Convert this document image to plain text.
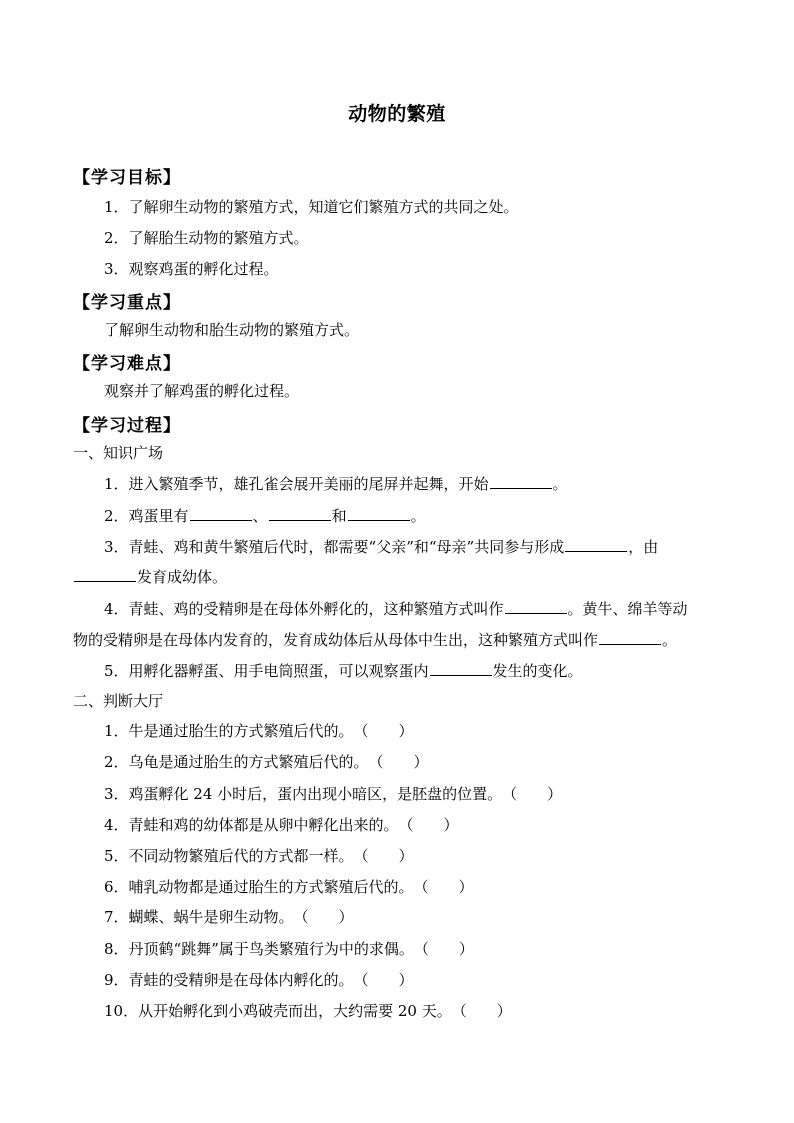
动物的繁殖
【学习目标】
1．了解卵生动物的繁殖方式，知道它们繁殖方式的共同之处。
2．了解胎生动物的繁殖方式。
3．观察鸡蛋的孵化过程。
【学习重点】
了解卵生动物和胎生动物的繁殖方式。
【学习难点】
观察并了解鸡蛋的孵化过程。
【学习过程】
一、知识广场
1．进入繁殖季节，雄孔雀会展开美丽的尾屏并起舞，开始	。
2．鸡蛋里有	、	和	。
3．青蛙、鸡和黄牛繁殖后代时，都需要“父亲”和“母亲”共同参与形成	，由
发育成幼体。
4．青蛙、鸡的受精卵是在母体外孵化的，这种繁殖方式叫作	。黄牛、绵羊等动
物的受精卵是在母体内发育的，发育成幼体后从母体中生出，这种繁殖方式叫作	。
5．用孵化器孵蛋、用手电筒照蛋，可以观察蛋内	发生的变化。
二、判断大厅
1．牛是通过胎生的方式繁殖后代的。（　　）
2．乌龟是通过胎生的方式繁殖后代的。（　　）
3．鸡蛋孵化 24 小时后，蛋内出现小暗区，是胚盘的位置。（　　）
4．青蛙和鸡的幼体都是从卵中孵化出来的。（　　）
5．不同动物繁殖后代的方式都一样。（　　）
6．哺乳动物都是通过胎生的方式繁殖后代的。（　　）
7．蝴蝶、蜗牛是卵生动物。（　　）
8．丹顶鹤“跳舞”属于鸟类繁殖行为中的求偶。（　　）
9．青蛙的受精卵是在母体内孵化的。（　　）
10．从开始孵化到小鸡破壳而出，大约需要 20 天。（　　）
